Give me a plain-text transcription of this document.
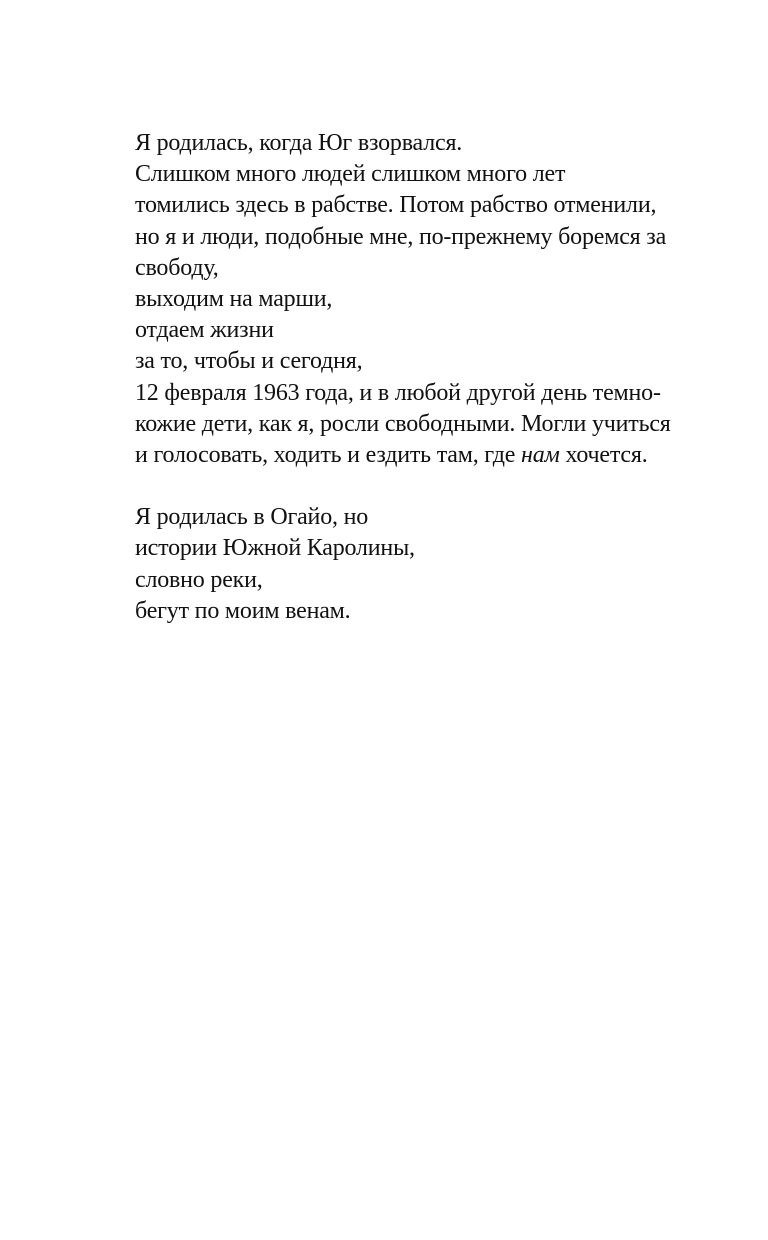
Я родилась, когда Юг взорвался.
Слишком много людей слишком много лет
томились здесь в рабстве. Потом рабство отменили,
но я и люди, подобные мне, по-прежнему боремся за
свободу,
выходим на марши,
отдаем жизни
за то, чтобы и сегодня,
12 февраля 1963 года, и в любой другой день темно-
кожие дети, как я, росли свободными. Могли учиться
и голосовать, ходить и ездить там, где нам хочется.

Я родилась в Огайо, но
истории Южной Каролины,
словно реки,
бегут по моим венам.
